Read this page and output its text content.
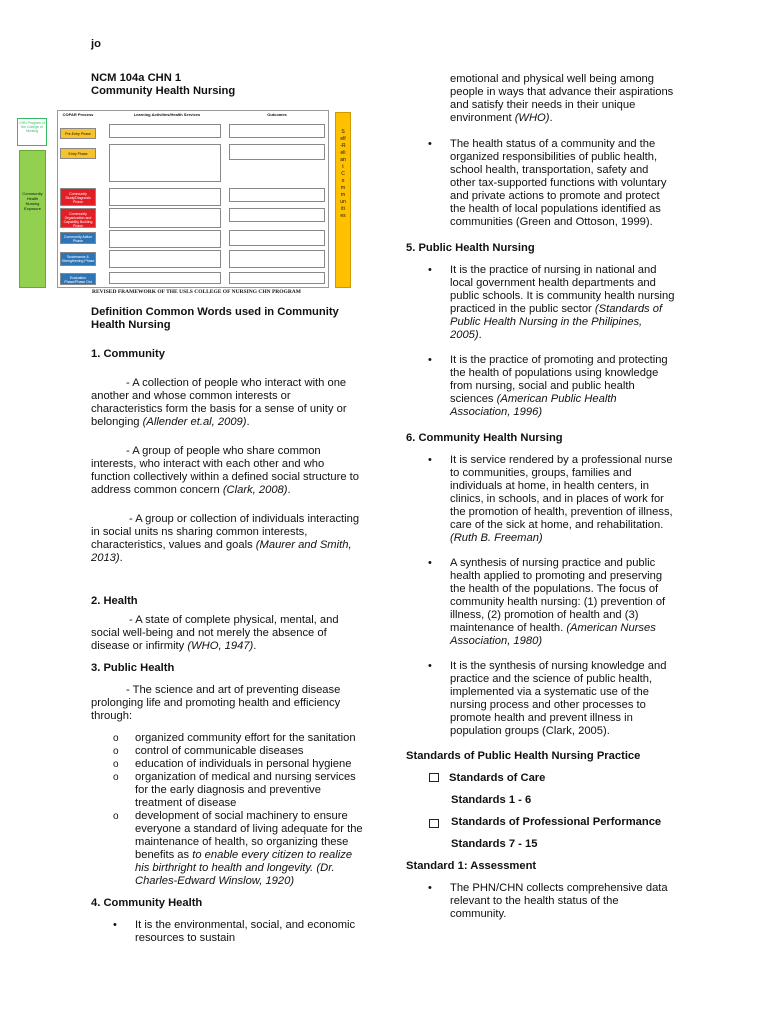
jo
NCM 104a CHN 1
Community Health Nursing
CHN Program of the College of Nursing
Community Health Nursing Exposure
COPAR Process	Learning Activities/Health Services	Outcomes
Pre-Entry Phase
Entry Phase
Community Study/Diagnosis Phase
Community Organization and Capability Building Phase
Community Action Phase
Sustenance & Strengthening Phase
Evaluation Phase/Phase Out
Self-Reliant Communities
REVISED FRAMEWORK OF THE USLS COLLEGE OF NURSING CHN PROGRAM

Definition Common Words used in Community Health Nursing

1. Community

- A collection of people who interact with one another and whose common interests or characteristics form the basis for a sense of unity or belonging (Allender et.al, 2009).

- A group of people who share common interests, who interact with each other and who function collectively within a defined social structure to address common concern (Clark, 2008).

- A group or collection of individuals interacting in social units ns sharing common interests, characteristics, values and goals (Maurer and Smith, 2013).

2. Health

- A state of complete physical, mental, and social well-being and not merely the absence of disease or infirmity (WHO, 1947).

3. Public Health

- The science and art of preventing disease prolonging life and promoting health and efficiency through:

o organized community effort for the sanitation
o control of communicable diseases
o education of individuals in personal hygiene
o organization of medical and nursing services for the early diagnosis and preventive treatment of disease
o development of social machinery to ensure everyone a standard of living adequate for the maintenance of health, so organizing these benefits as to enable every citizen to realize his birthright to health and longevity. (Dr. Charles-Edward Winslow, 1920)

4. Community Health

• It is the environmental, social, and economic resources to sustain

emotional and physical well being among people in ways that advance their aspirations and satisfy their needs in their unique environment (WHO).

• The health status of a community and the organized responsibilities of public health, school health, transportation, safety and other tax-supported functions with voluntary and private actions to promote and protect the health of local populations identified as communities (Green and Ottoson, 1999).

5. Public Health Nursing

• It is the practice of nursing in national and local government health departments and public schools. It is community health nursing practiced in the public sector (Standards of Public Health Nursing in the Philipines, 2005).
• It is the practice of promoting and protecting the health of populations using knowledge from nursing, social and public health sciences (American Public Health Association, 1996)

6. Community Health Nursing

• It is service rendered by a professional nurse to communities, groups, families and individuals at home, in health centers, in clinics, in schools, and in places of work for the promotion of health, prevention of illness, care of the sick at home, and rehabilitation. (Ruth B. Freeman)
• A synthesis of nursing practice and public health applied to promoting and preserving the health of the populations. The focus of community health nursing: (1) prevention of illness, (2) promotion of health and (3) maintenance of health. (American Nurses Association, 1980)
• It is the synthesis of nursing knowledge and practice and the science of public health, implemented via a systematic use of the nursing process and other processes to promote health and prevent illness in population groups (Clark, 2005).

Standards of Public Health Nursing Practice

Standards of Care

Standards 1 - 6

Standards of Professional Performance

Standards 7 - 15

Standard 1: Assessment

• The PHN/CHN collects comprehensive data relevant to the health status of the community.
